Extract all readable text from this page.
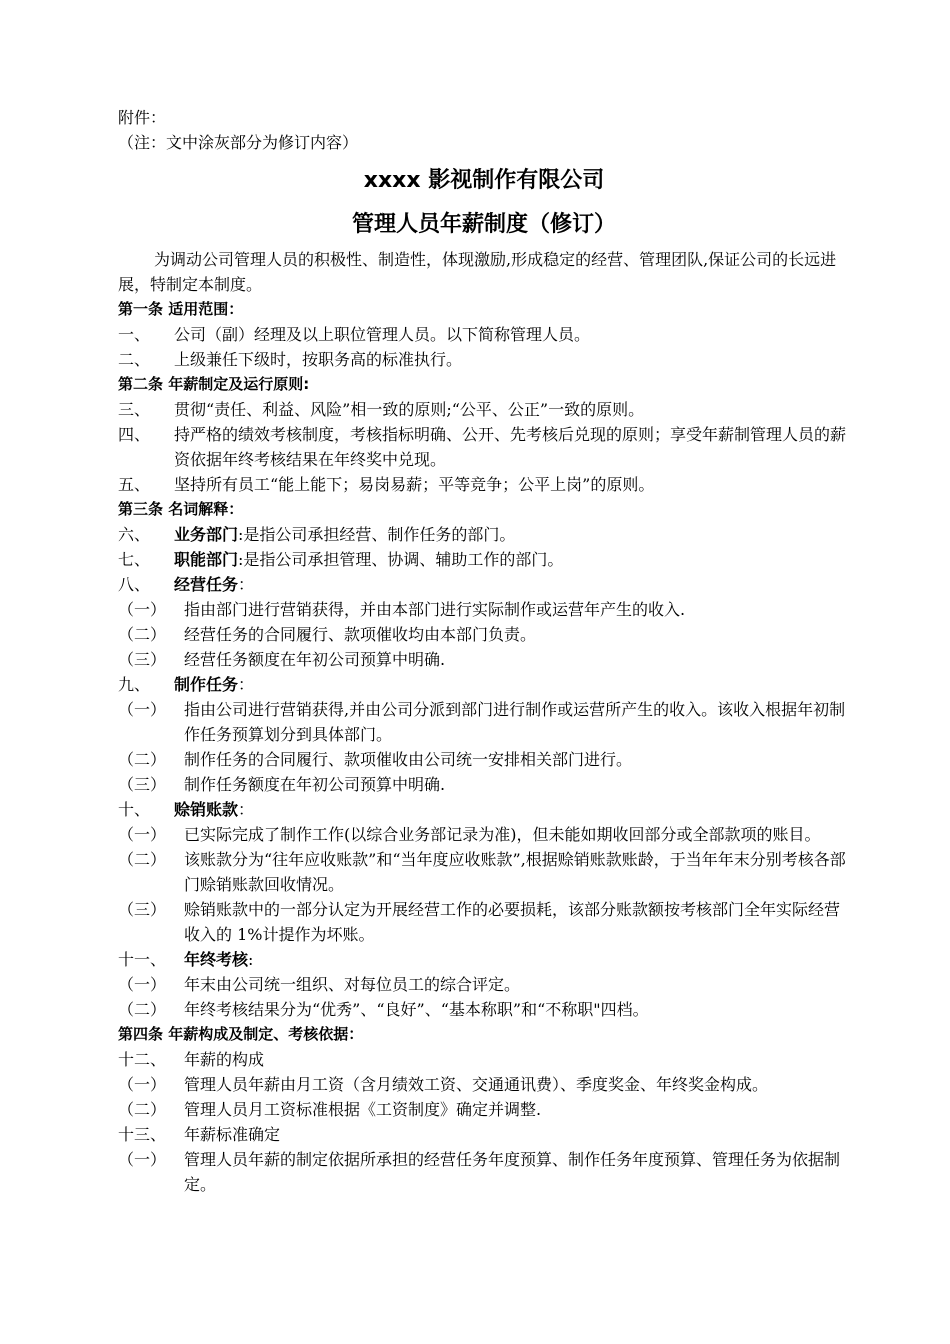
附件：
（注：文中涂灰部分为修订内容）
xxxx 影视制作有限公司
管理人员年薪制度（修订）
为调动公司管理人员的积极性、制造性，体现激励,形成稳定的经营、管理团队,保证公司的长远进展，特制定本制度。
第一条 适用范围：
一、	公司（副）经理及以上职位管理人员。以下简称管理人员。
二、	上级兼任下级时，按职务高的标准执行。
第二条 年薪制定及运行原则:
三、	贯彻“责任、利益、风险”相一致的原则;“公平、公正”一致的原则。
四、	持严格的绩效考核制度，考核指标明确、公开、先考核后兑现的原则；享受年薪制管理人员的薪资依据年终考核结果在年终奖中兑现。
五、	坚持所有员工“能上能下；易岗易薪；平等竞争；公平上岗”的原则。
第三条 名词解释：
六、	业务部门:是指公司承担经营、制作任务的部门。
七、	职能部门:是指公司承担管理、协调、辅助工作的部门。
八、	经营任务：
（一）	指由部门进行营销获得，并由本部门进行实际制作或运营年产生的收入.
（二）	经营任务的合同履行、款项催收均由本部门负责。
（三）	经营任务额度在年初公司预算中明确.
九、	制作任务：
（一）	指由公司进行营销获得,并由公司分派到部门进行制作或运营所产生的收入。该收入根据年初制作任务预算划分到具体部门。
（二）	制作任务的合同履行、款项催收由公司统一安排相关部门进行。
（三）	制作任务额度在年初公司预算中明确.
十、	赊销账款：
（一）	已实际完成了制作工作(以综合业务部记录为准)，但未能如期收回部分或全部款项的账目。
（二）	该账款分为“往年应收账款”和“当年度应收账款”,根据赊销账款账龄，于当年年末分别考核各部门赊销账款回收情况。
（三）	赊销账款中的一部分认定为开展经营工作的必要损耗，该部分账款额按考核部门全年实际经营收入的 1%计提作为坏账。
十一、	年终考核:
（一）	年末由公司统一组织、对每位员工的综合评定。
（二）	年终考核结果分为“优秀”、“良好”、“基本称职”和“不称职"四档。
第四条 年薪构成及制定、考核依据：
十二、	年薪的构成
（一）	管理人员年薪由月工资（含月绩效工资、交通通讯费）、季度奖金、年终奖金构成。
（二）	管理人员月工资标准根据《工资制度》确定并调整.
十三、	年薪标准确定
（一）	管理人员年薪的制定依据所承担的经营任务年度预算、制作任务年度预算、管理任务为依据制定。
